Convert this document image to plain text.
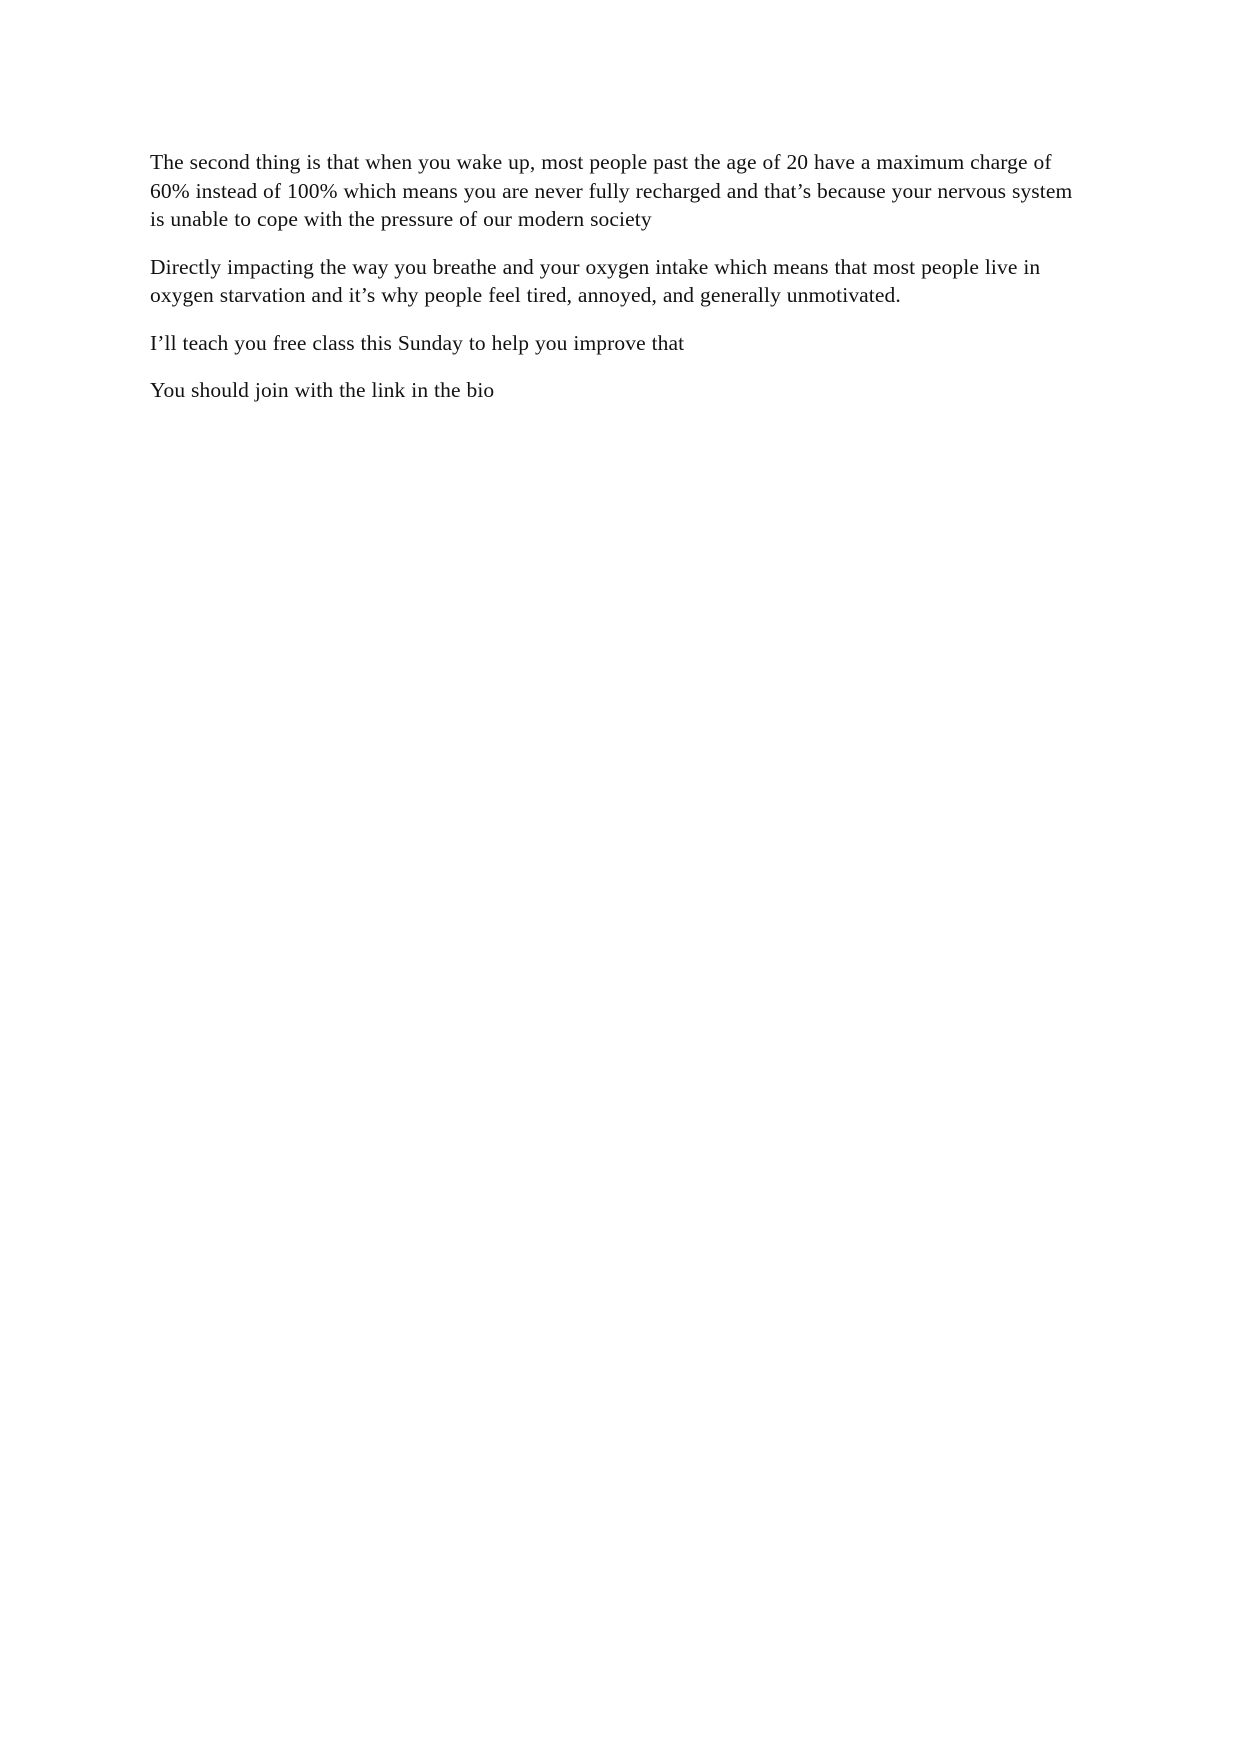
The second thing is that when you wake up, most people past the age of 20 have a maximum charge of 60% instead of 100% which means you are never fully recharged and that’s because your nervous system is unable to cope with the pressure of our modern society

Directly impacting the way you breathe and your oxygen intake which means that most people live in oxygen starvation and it’s why people feel tired, annoyed, and generally unmotivated.

I’ll teach you free class this Sunday to help you improve that

You should join with the link in the bio
